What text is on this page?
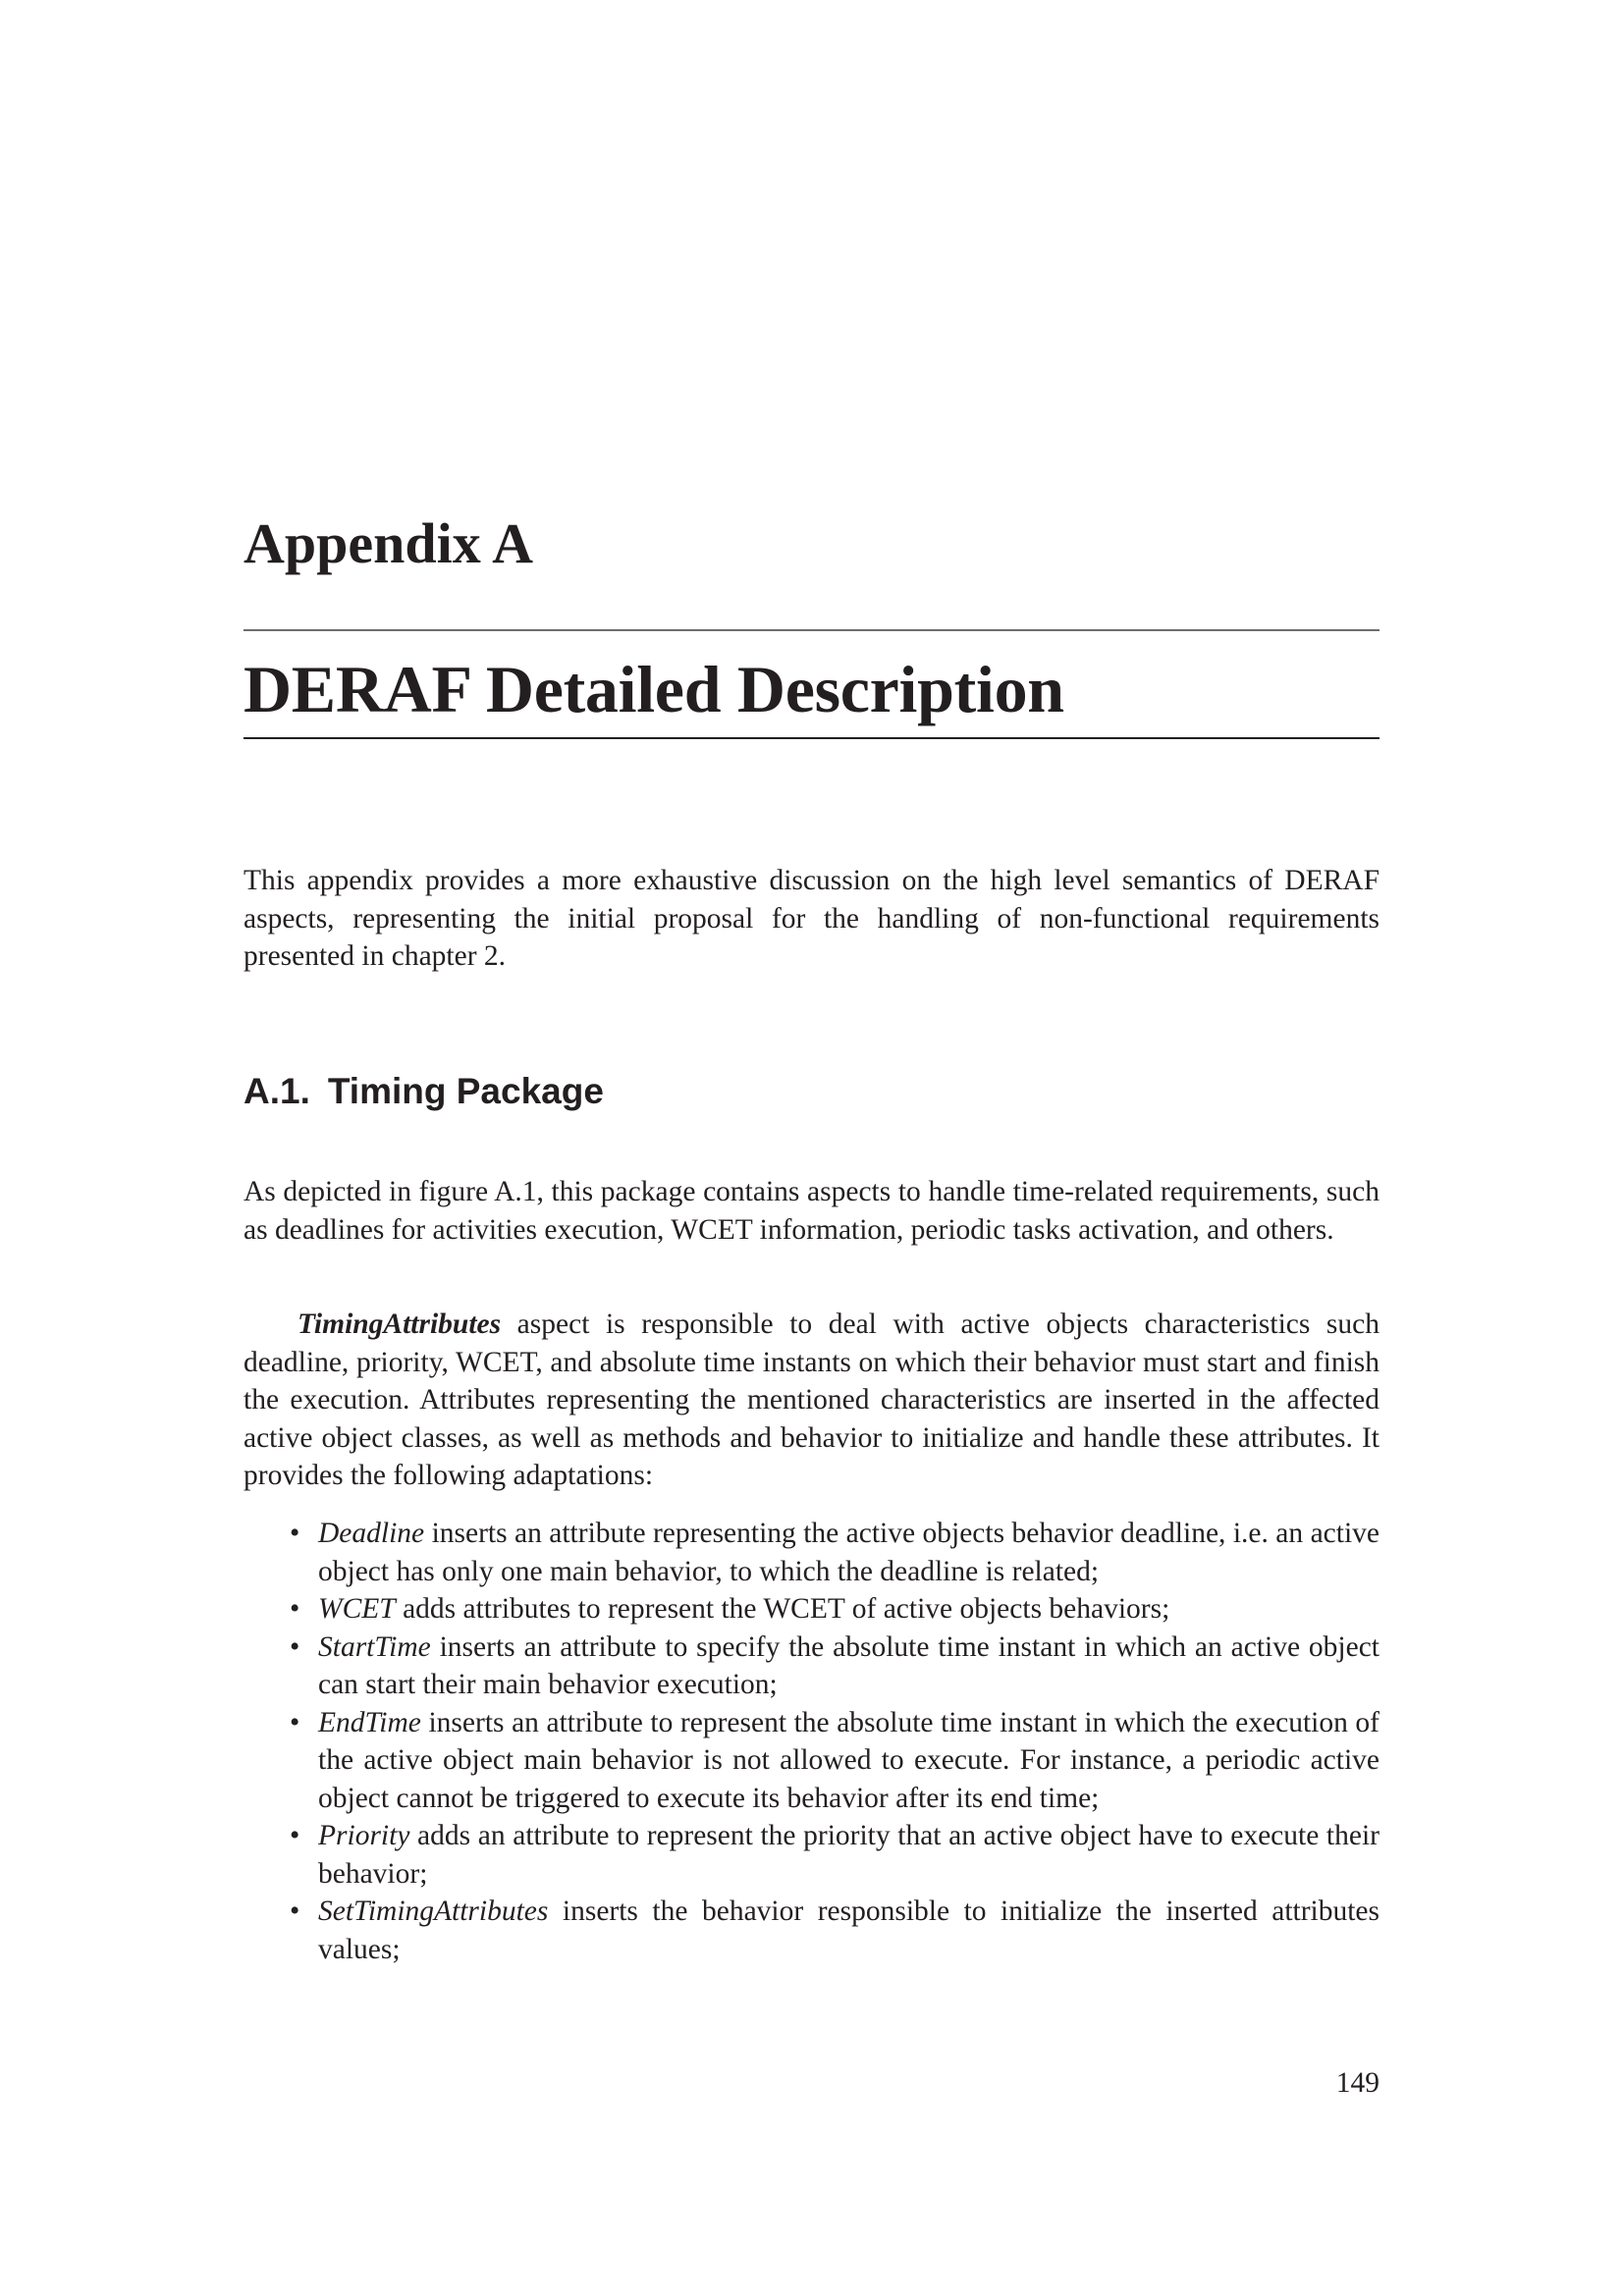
Appendix A
DERAF Detailed Description

This appendix provides a more exhaustive discussion on the high level semantics of DERAF aspects, representing the initial proposal for the handling of non-functional requirements presented in chapter 2.

A.1. Timing Package

As depicted in figure A.1, this package contains aspects to handle time-related requirements, such as deadlines for activities execution, WCET information, periodic tasks activation, and others.

TimingAttributes aspect is responsible to deal with active objects characteristics such deadline, priority, WCET, and absolute time instants on which their behavior must start and finish the execution. Attributes representing the mentioned characteristics are inserted in the affected active object classes, as well as methods and behavior to initialize and handle these attributes. It provides the following adaptations:

• Deadline inserts an attribute representing the active objects behavior deadline, i.e. an active object has only one main behavior, to which the deadline is related;
• WCET adds attributes to represent the WCET of active objects behaviors;
• StartTime inserts an attribute to specify the absolute time instant in which an active object can start their main behavior execution;
• EndTime inserts an attribute to represent the absolute time instant in which the execution of the active object main behavior is not allowed to execute. For instance, a periodic active object cannot be triggered to execute its behavior after its end time;
• Priority adds an attribute to represent the priority that an active object have to execute their behavior;
• SetTimingAttributes inserts the behavior responsible to initialize the inserted attributes values;
149
